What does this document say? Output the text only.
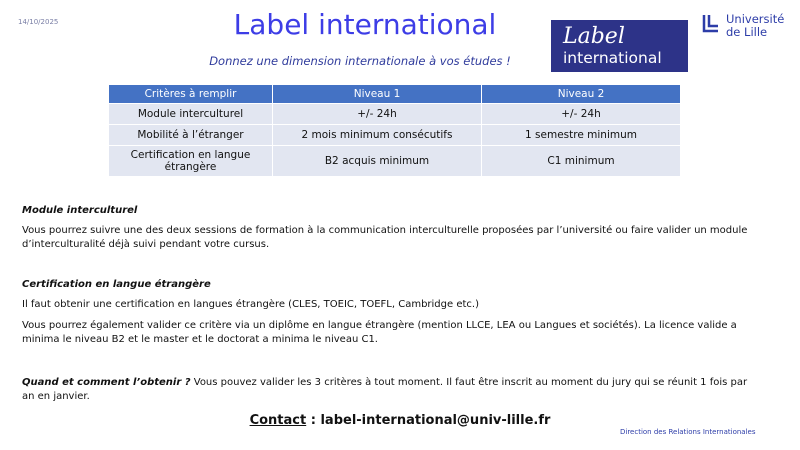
14/10/2025	Label international
Donnez une dimension internationale à vos études !
Label
international
Université
de Lille
Critères à remplir	Niveau 1	Niveau 2
Module interculturel	+/- 24h	+/- 24h
Mobilité à l’étranger	2 mois minimum consécutifs	1 semestre minimum
Certification en langue étrangère	B2 acquis minimum	C1 minimum
Module interculturel
Vous pourrez suivre une des deux sessions de formation à la communication interculturelle proposées par l’université ou faire valider un module d’interculturalité déjà suivi pendant votre cursus.
Certification en langue étrangère
Il faut obtenir une certification en langues étrangère (CLES, TOEIC, TOEFL, Cambridge etc.)
Vous pourrez également valider ce critère via un diplôme en langue étrangère (mention LLCE, LEA ou Langues et sociétés). La licence valide a minima le niveau B2 et le master et le doctorat a minima le niveau C1.
Quand et comment l’obtenir ? Vous pouvez valider les 3 critères à tout moment. Il faut être inscrit au moment du jury qui se réunit 1 fois par an en janvier.
Contact : label-international@univ-lille.fr
Direction des Relations Internationales
